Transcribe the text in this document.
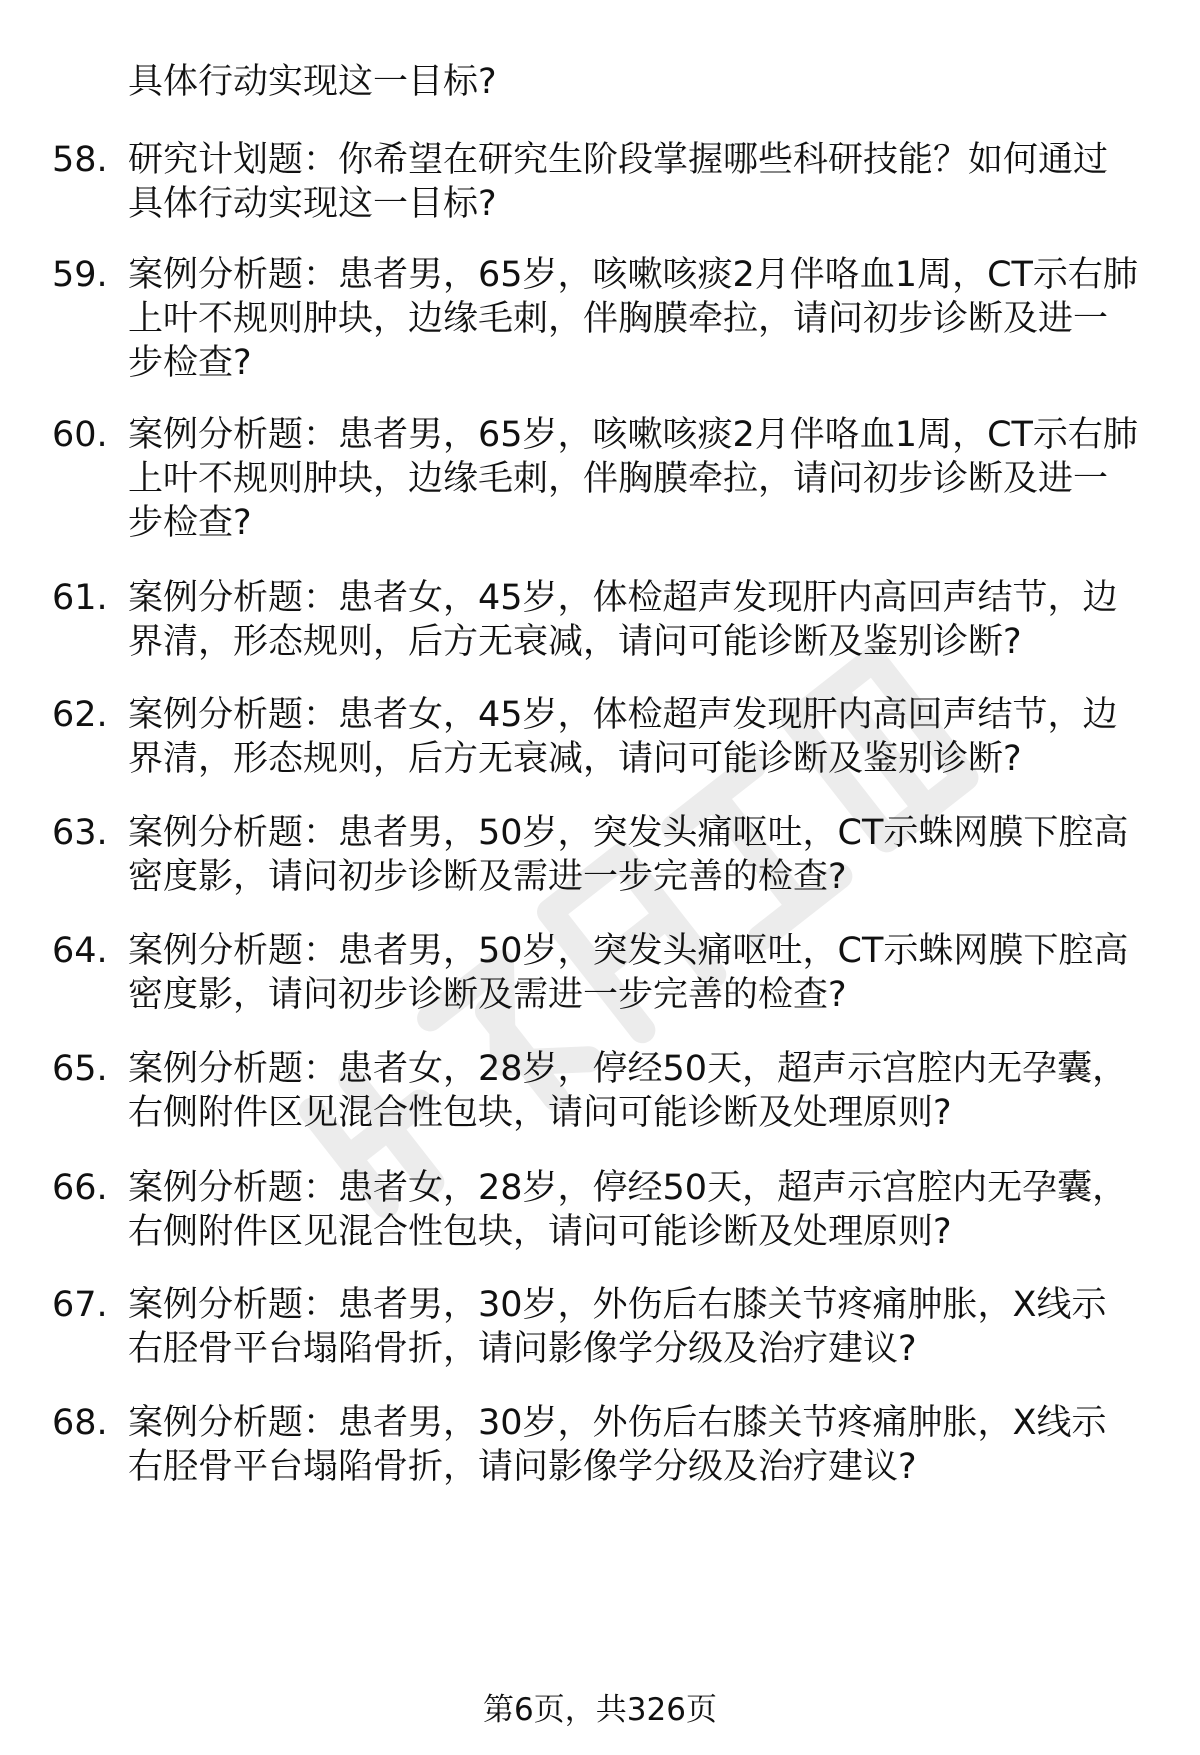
具体行动实现这一目标?
58. 研究计划题：你希望在研究生阶段掌握哪些科研技能？如何通过
具体行动实现这一目标?
59. 案例分析题：患者男，65岁，咳嗽咳痰2月伴咯血1周，CT示右肺
上叶不规则肿块，边缘毛刺，伴胸膜牵拉，请问初步诊断及进一
步检查?
60. 案例分析题：患者男，65岁，咳嗽咳痰2月伴咯血1周，CT示右肺
上叶不规则肿块，边缘毛刺，伴胸膜牵拉，请问初步诊断及进一
步检查?
61. 案例分析题：患者女，45岁，体检超声发现肝内高回声结节，边
界清，形态规则，后方无衰减，请问可能诊断及鉴别诊断?
62. 案例分析题：患者女，45岁，体检超声发现肝内高回声结节，边
界清，形态规则，后方无衰减，请问可能诊断及鉴别诊断?
63. 案例分析题：患者男，50岁，突发头痛呕吐，CT示蛛网膜下腔高
密度影，请问初步诊断及需进一步完善的检查?
64. 案例分析题：患者男，50岁，突发头痛呕吐，CT示蛛网膜下腔高
密度影，请问初步诊断及需进一步完善的检查?
65. 案例分析题：患者女，28岁，停经50天，超声示宫腔内无孕囊，
右侧附件区见混合性包块，请问可能诊断及处理原则?
66. 案例分析题：患者女，28岁，停经50天，超声示宫腔内无孕囊，
右侧附件区见混合性包块，请问可能诊断及处理原则?
67. 案例分析题：患者男，30岁，外伤后右膝关节疼痛肿胀，X线示
右胫骨平台塌陷骨折，请问影像学分级及治疗建议?
68. 案例分析题：患者男，30岁，外伤后右膝关节疼痛肿胀，X线示
右胫骨平台塌陷骨折，请问影像学分级及治疗建议?
第6页，共326页
